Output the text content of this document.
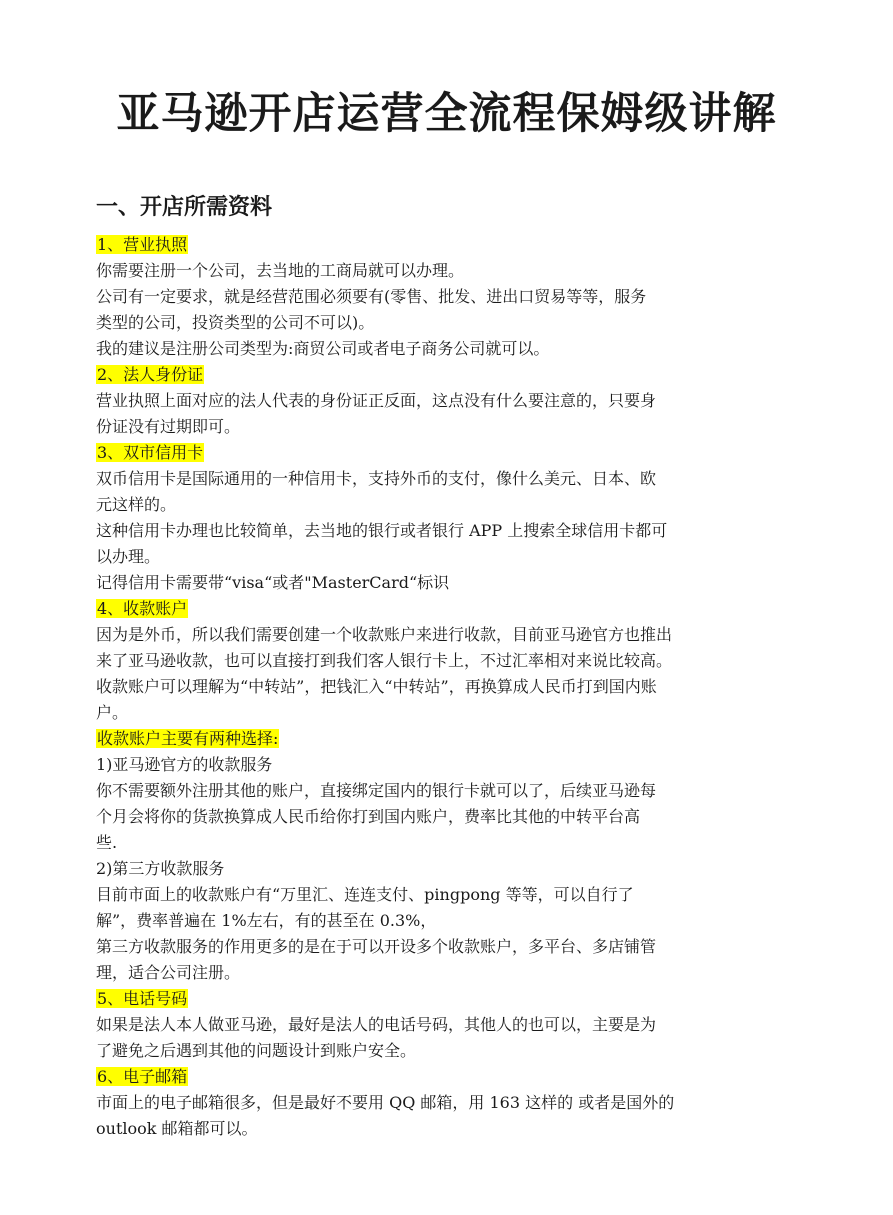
亚马逊开店运营全流程保姆级讲解
一、开店所需资料
1、营业执照
你需要注册一个公司，去当地的工商局就可以办理。
公司有一定要求，就是经营范围必须要有(零售、批发、进出口贸易等等，服务
类型的公司，投资类型的公司不可以)。
我的建议是注册公司类型为:商贸公司或者电子商务公司就可以。
2、法人身份证
营业执照上面对应的法人代表的身份证正反面，这点没有什么要注意的，只要身
份证没有过期即可。
3、双市信用卡
双币信用卡是国际通用的一种信用卡，支持外币的支付，像什么美元、日本、欧
元这样的。
这种信用卡办理也比较简单，去当地的银行或者银行 APP 上搜索全球信用卡都可
以办理。
记得信用卡需要带“visa“或者"MasterCard“标识
4、收款账户
因为是外币，所以我们需要创建一个收款账户来进行收款，目前亚马逊官方也推出
来了亚马逊收款，也可以直接打到我们客人银行卡上，不过汇率相对来说比较高。
收款账户可以理解为“中转站”，把钱汇入“中转站”，再换算成人民币打到国内账
户。
收款账户主要有两种选择:
1)亚马逊官方的收款服务
你不需要额外注册其他的账户，直接绑定国内的银行卡就可以了，后续亚马逊每
个月会将你的货款换算成人民币给你打到国内账户，费率比其他的中转平台高
些.
2)第三方收款服务
目前市面上的收款账户有“万里汇、连连支付、pingpong 等等，可以自行了
解”，费率普遍在 1%左右，有的甚至在 0.3%，
第三方收款服务的作用更多的是在于可以开设多个收款账户，多平台、多店铺管
理，适合公司注册。
5、电话号码
如果是法人本人做亚马逊，最好是法人的电话号码，其他人的也可以，主要是为
了避免之后遇到其他的问题设计到账户安全。
6、电子邮箱
市面上的电子邮箱很多，但是最好不要用 QQ 邮箱，用 163 这样的 或者是国外的
outlook 邮箱都可以。
